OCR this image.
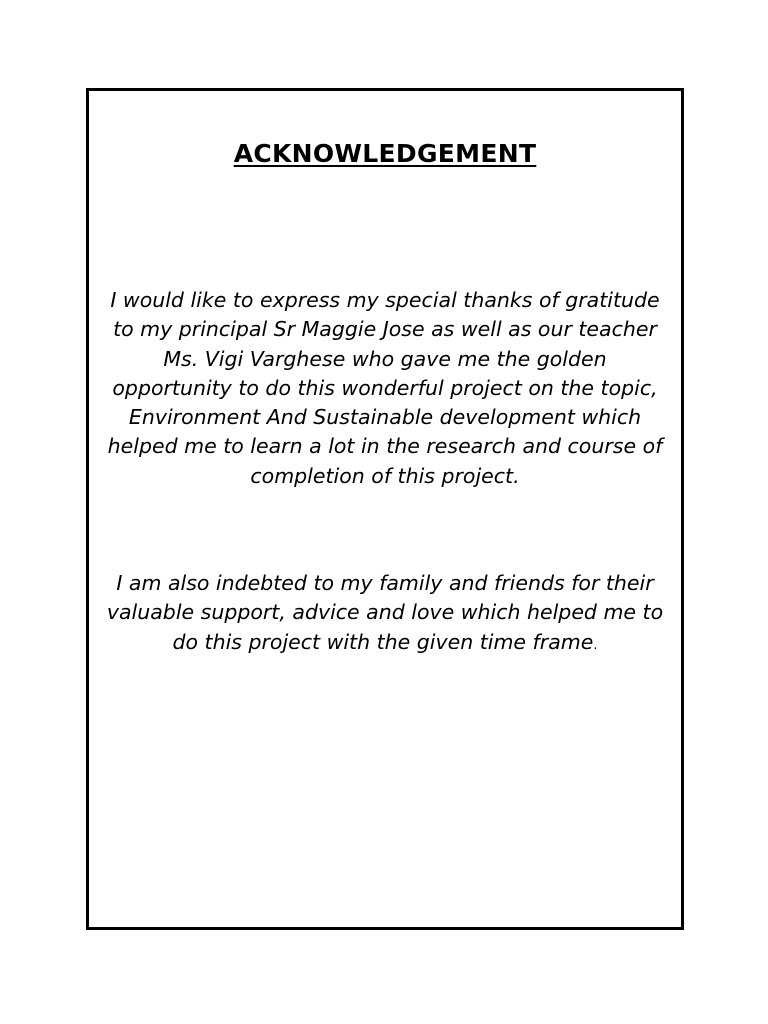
ACKNOWLEDGEMENT

I would like to express my special thanks of gratitude to my principal Sr Maggie Jose as well as our teacher Ms. Vigi Varghese who gave me the golden opportunity to do this wonderful project on the topic, Environment And Sustainable development which helped me to learn a lot in the research and course of completion of this project.

I am also indebted to my family and friends for their valuable support, advice and love which helped me to do this project with the given time frame.
